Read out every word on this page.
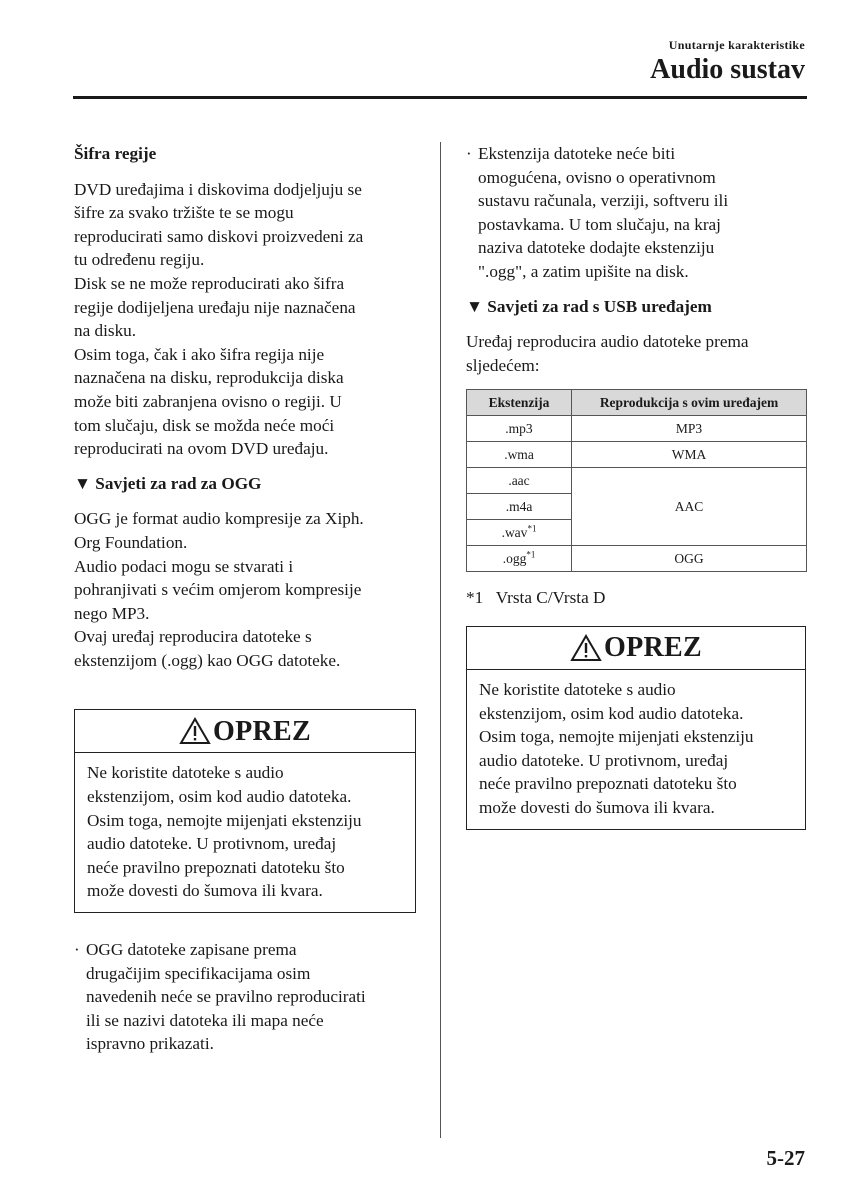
Unutarnje karakteristike
Audio sustav

Šifra regije

DVD uređajima i diskovima dodjeljuju se

šifre za svako tržište te se mogu

reproducirati samo diskovi proizvedeni za

tu određenu regiju.

Disk se ne može reproducirati ako šifra

regije dodijeljena uređaju nije naznačena

na disku.

Osim toga, čak i ako šifra regija nije

naznačena na disku, reprodukcija diska

može biti zabranjena ovisno o regiji. U

tom slučaju, disk se možda neće moći

reproducirati na ovom DVD uređaju.

▼ Savjeti za rad za OGG

OGG je format audio kompresije za Xiph.

Org Foundation.

Audio podaci mogu se stvarati i

pohranjivati s većim omjerom kompresije

nego MP3.

Ovaj uređaj reproducira datoteke s

ekstenzijom (.ogg) kao OGG datoteke.

OPREZ

Ne koristite datoteke s audio

ekstenzijom, osim kod audio datoteka.

Osim toga, nemojte mijenjati ekstenziju

audio datoteke. U protivnom, uređaj

neće pravilno prepoznati datoteku što

može dovesti do šumova ili kvara.

· OGG datoteke zapisane prema

drugačijim specifikacijama osim

navedenih neće se pravilno reproducirati

ili se nazivi datoteka ili mapa neće

ispravno prikazati.

· Ekstenzija datoteke neće biti

omogućena, ovisno o operativnom

sustavu računala, verziji, softveru ili

postavkama. U tom slučaju, na kraj

naziva datoteke dodajte ekstenziju

".ogg", a zatim upišite na disk.

▼ Savjeti za rad s USB uređajem

Uređaj reproducira audio datoteke prema

sljedećem:

Ekstenzija	Reprodukcija s ovim uređajem
.mp3	MP3
.wma	WMA
.aac	AAC
.m4a	
.wav$^{*1}$
.ogg$^{*1}$	OGG

*1   Vrsta C/Vrsta D

OPREZ

Ne koristite datoteke s audio

ekstenzijom, osim kod audio datoteka.

Osim toga, nemojte mijenjati ekstenziju

audio datoteke. U protivnom, uređaj

neće pravilno prepoznati datoteku što

može dovesti do šumova ili kvara.

5-27
